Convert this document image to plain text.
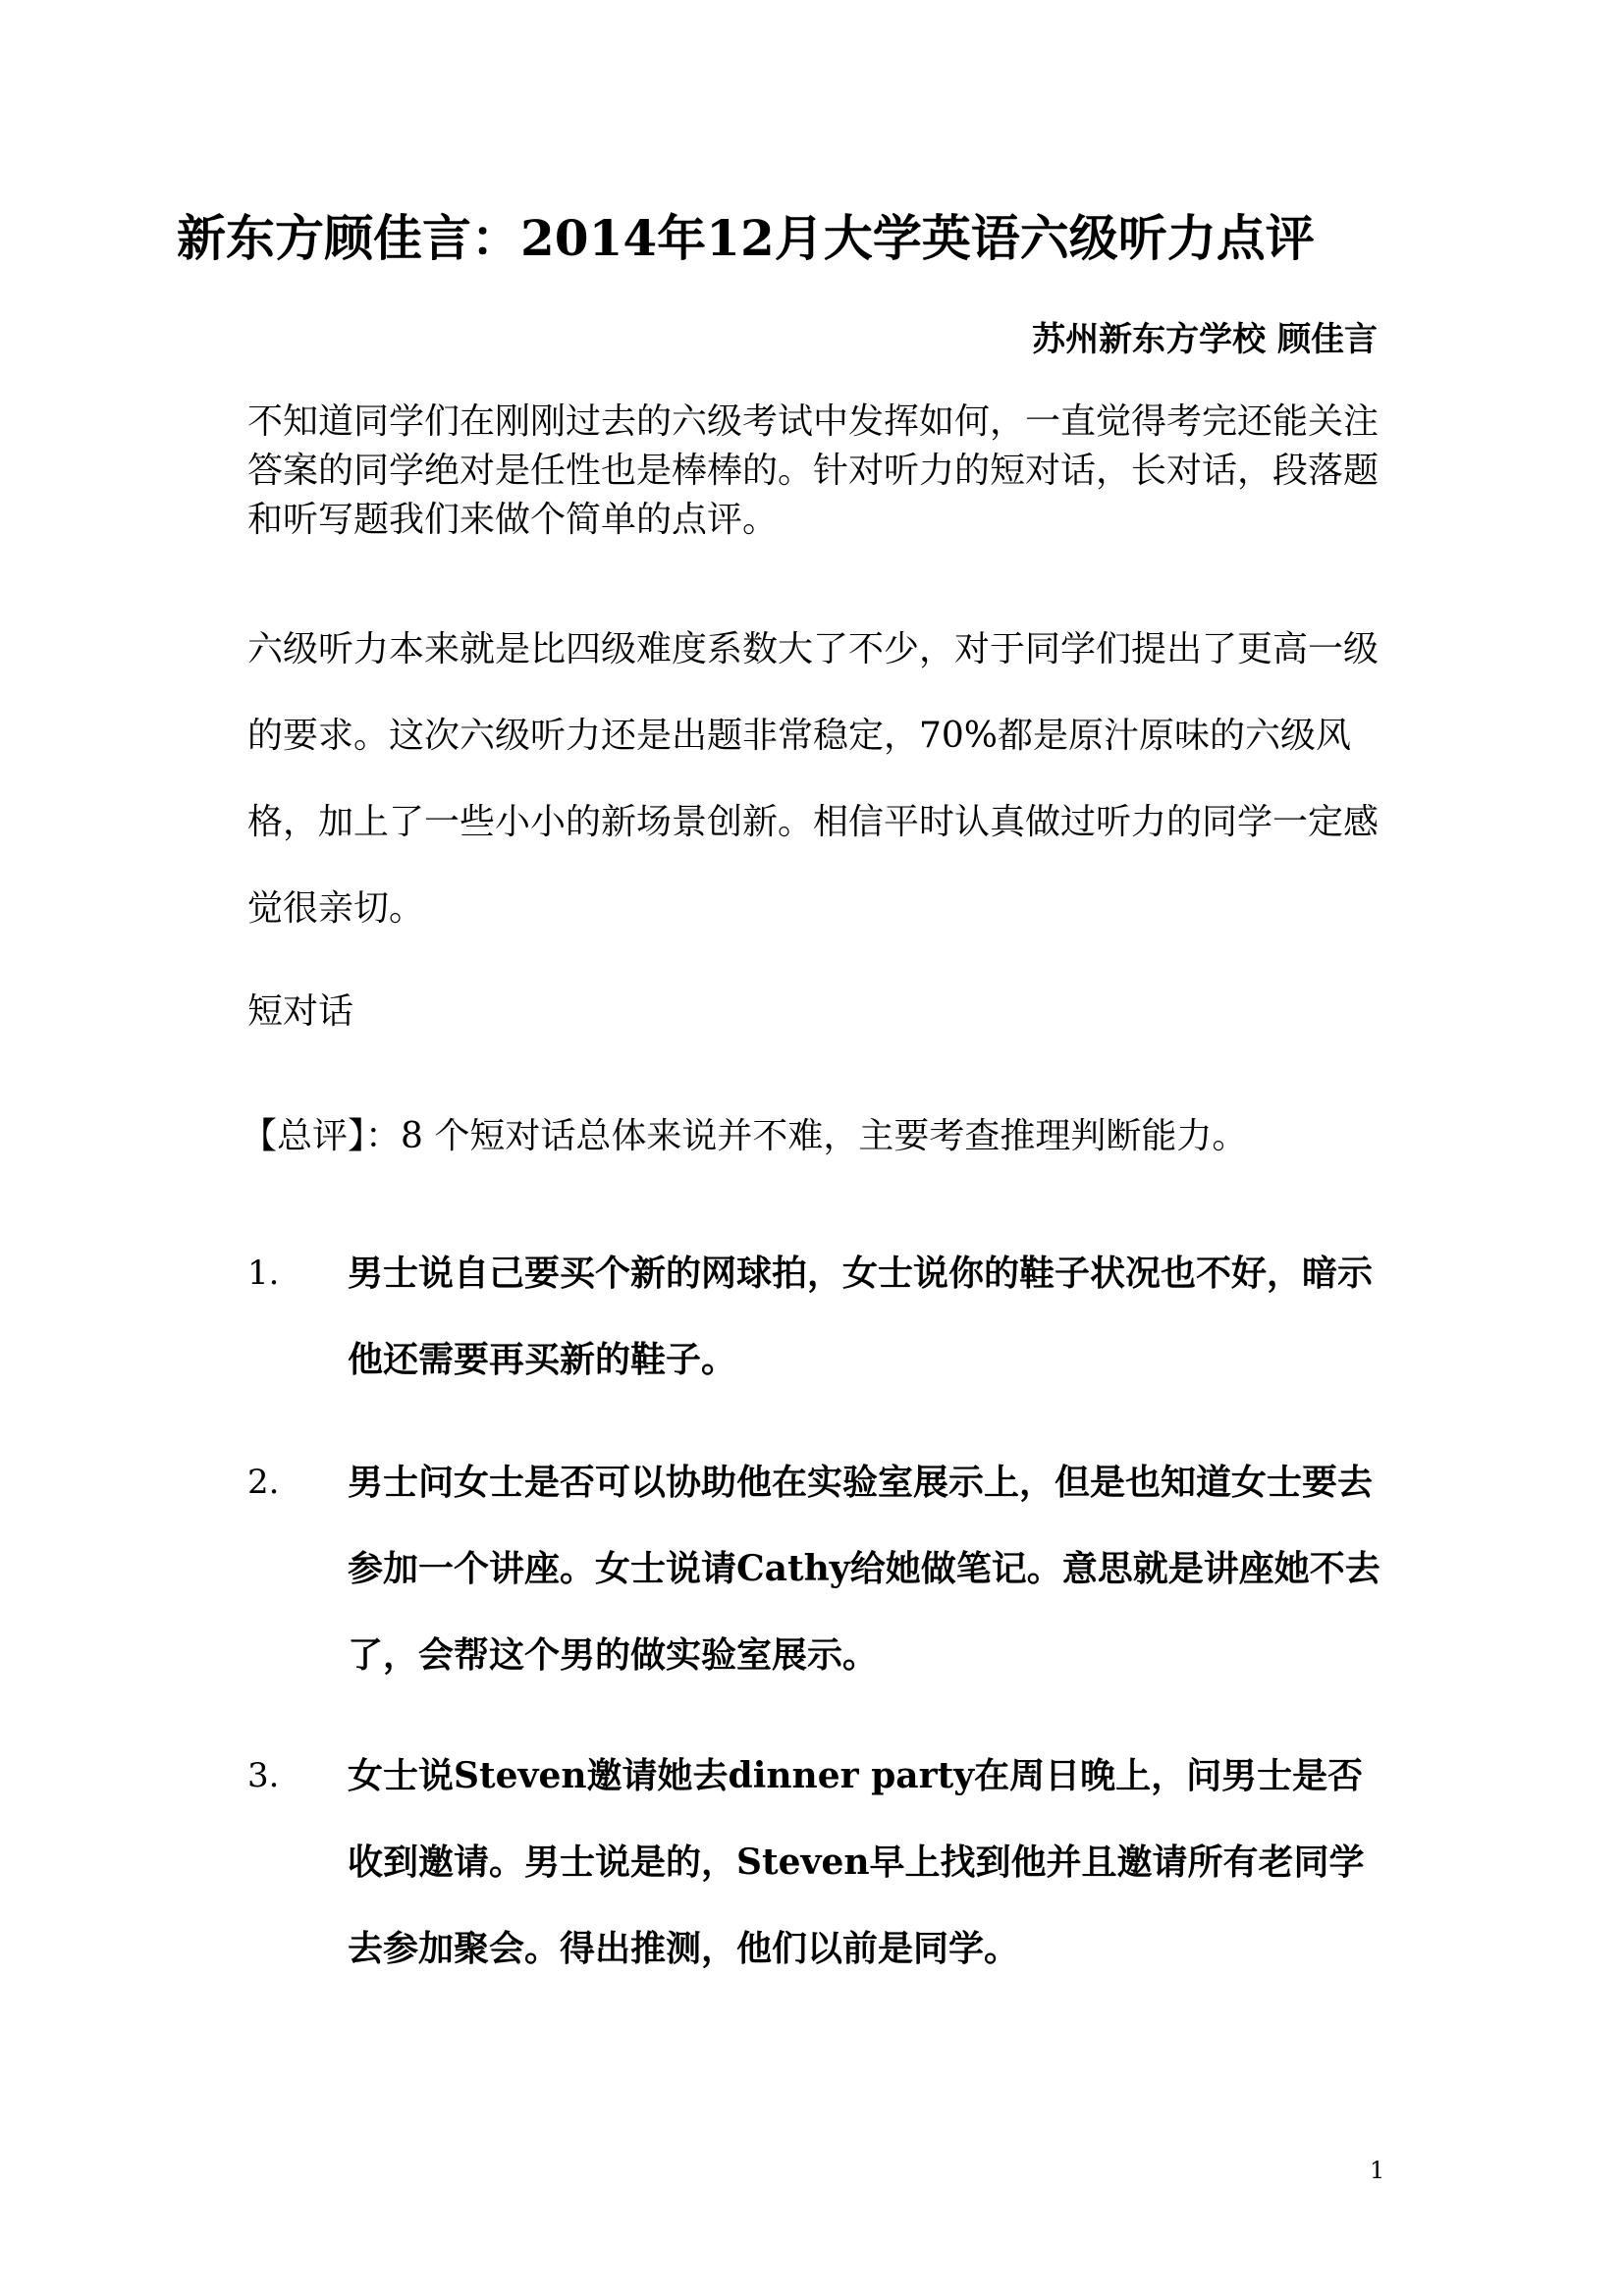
新东方顾佳言：2014年12月大学英语六级听力点评

苏州新东方学校 顾佳言

不知道同学们在刚刚过去的六级考试中发挥如何，一直觉得考完还能关注答案的同学绝对是任性也是棒棒的。针对听力的短对话，长对话，段落题和听写题我们来做个简单的点评。

六级听力本来就是比四级难度系数大了不少，对于同学们提出了更高一级的要求。这次六级听力还是出题非常稳定，70%都是原汁原味的六级风格，加上了一些小小的新场景创新。相信平时认真做过听力的同学一定感觉很亲切。

短对话

【总评】：8 个短对话总体来说并不难，主要考查推理判断能力。

1. 男士说自己要买个新的网球拍，女士说你的鞋子状况也不好，暗示他还需要再买新的鞋子。

2. 男士问女士是否可以协助他在实验室展示上，但是也知道女士要去参加一个讲座。女士说请Cathy给她做笔记。意思就是讲座她不去了，会帮这个男的做实验室展示。

3. 女士说Steven邀请她去dinner party在周日晚上，问男士是否收到邀请。男士说是的，Steven早上找到他并且邀请所有老同学去参加聚会。得出推测，他们以前是同学。

1
